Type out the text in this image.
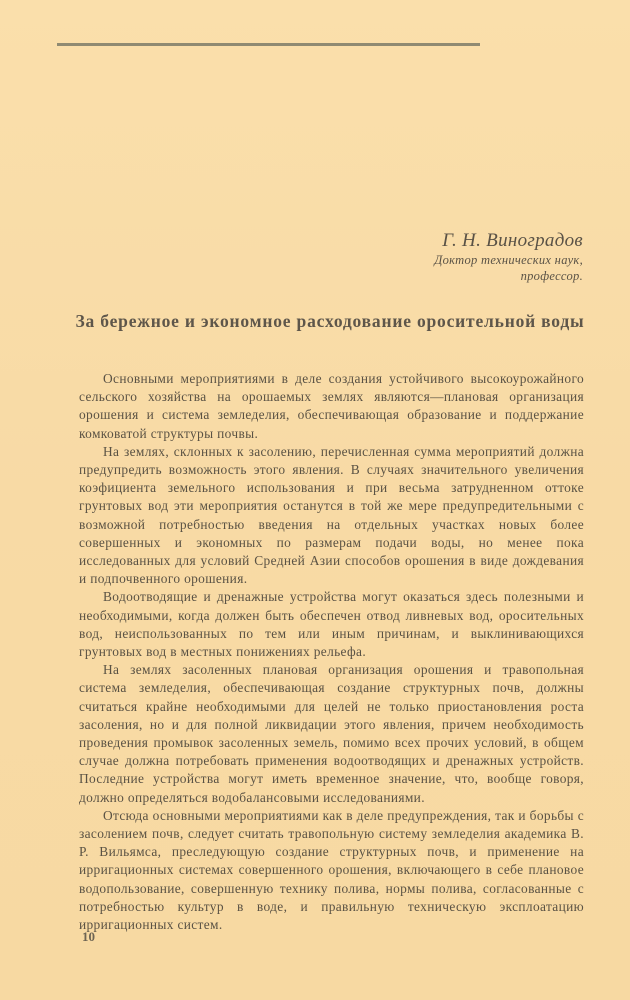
Г. Н. Виноградов
Доктор технических наук,
профессор.
За бережное и экономное расходование оросительной воды

Основными мероприятиями в деле создания устойчивого высокоурожайного сельского хозяйства на орошаемых землях являются—плановая организация орошения и система земледелия, обеспечивающая образование и поддержание комковатой структуры почвы.

На землях, склонных к засолению, перечисленная сумма мероприятий должна предупредить возможность этого явления. В случаях значительного увеличения коэфициента земельного использования и при весьма затрудненном оттоке грунтовых вод эти мероприятия останутся в той же мере предупредительными с возможной потребностью введения на отдельных участках новых более совершенных и экономных по размерам подачи воды, но менее пока исследованных для условий Средней Азии способов орошения в виде дождевания и подпочвенного орошения.

Водоотводящие и дренажные устройства могут оказаться здесь полезными и необходимыми, когда должен быть обеспечен отвод ливневых вод, оросительных вод, неиспользованных по тем или иным причинам, и выклинивающихся грунтовых вод в местных понижениях рельефа.

На землях засоленных плановая организация орошения и травопольная система земледелия, обеспечивающая создание структурных почв, должны считаться крайне необходимыми для целей не только приостановления роста засоления, но и для полной ликвидации этого явления, причем необходимость проведения промывок засоленных земель, помимо всех прочих условий, в общем случае должна потребовать применения водоотводящих и дренажных устройств. Последние устройства могут иметь временное значение, что, вообще говоря, должно определяться водобалансовыми исследованиями.

Отсюда основными мероприятиями как в деле предупреждения, так и борьбы с засолением почв, следует считать травопольную систему земледелия академика В. Р. Вильямса, преследующую создание структурных почв, и применение на ирригационных системах совершенного орошения, включающего в себе плановое водопользование, совершенную технику полива, нормы полива, согласованные с потребностью культур в воде, и правильную техническую эксплоатацию ирригационных систем.

10
